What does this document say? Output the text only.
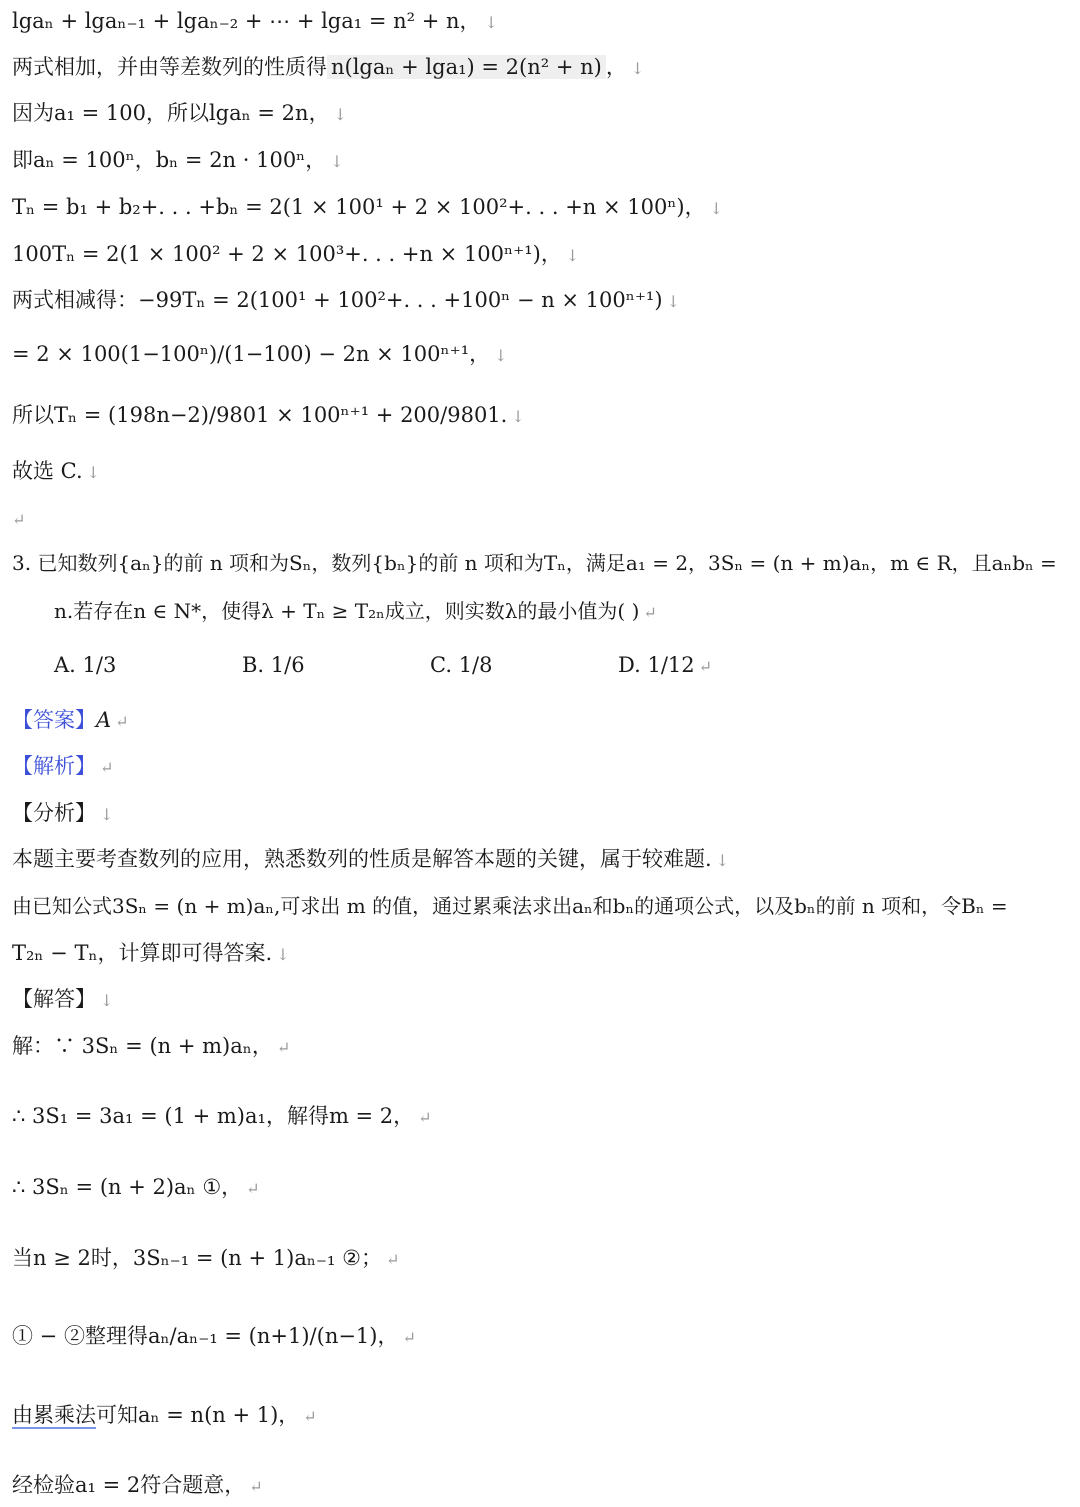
lgaₙ + lgaₙ₋₁ + lgaₙ₋₂ + ⋯ + lga₁ = n² + n， ↓
两式相加，并由等差数列的性质得 n(lgaₙ + lga₁) = 2(n² + n) ， ↓
因为a₁ = 100，所以lgaₙ = 2n， ↓
即aₙ = 100ⁿ，bₙ = 2n · 100ⁿ， ↓
Tₙ = b₁ + b₂+. . . +bₙ = 2(1 × 100¹ + 2 × 100²+. . . +n × 100ⁿ)， ↓
100Tₙ = 2(1 × 100² + 2 × 100³+. . . +n × 100ⁿ⁺¹)， ↓
两式相减得：−99Tₙ = 2(100¹ + 100²+. . . +100ⁿ − n × 100ⁿ⁺¹) ↓
= 2 × 100(1−100ⁿ)/(1−100) − 2n × 100ⁿ⁺¹， ↓
所以Tₙ = (198n−2)/9801 × 100ⁿ⁺¹ + 200/9801. ↓
故选 C. ↓
↵
3. 已知数列{aₙ}的前 n 项和为Sₙ，数列{bₙ}的前 n 项和为Tₙ，满足a₁ = 2，3Sₙ = (n + m)aₙ，m ∈ R，且aₙbₙ =
n.若存在n ∈ N*，使得λ + Tₙ ≥ T₂ₙ成立，则实数λ的最小值为( ) ↵
A. 1/3	B. 1/6	C. 1/8	D. 1/12 ↵
【答案】A ↵
【解析】 ↵
【分析】 ↓
本题主要考查数列的应用，熟悉数列的性质是解答本题的关键，属于较难题. ↓
由已知公式3Sₙ = (n + m)aₙ,可求出 m 的值，通过累乘法求出aₙ和bₙ的通项公式，以及bₙ的前 n 项和，令Bₙ =
T₂ₙ − Tₙ，计算即可得答案. ↓
【解答】 ↓
解：∵ 3Sₙ = (n + m)aₙ， ↵
∴ 3S₁ = 3a₁ = (1 + m)a₁，解得m = 2， ↵
∴ 3Sₙ = (n + 2)aₙ ①， ↵
当n ≥ 2时，3Sₙ₋₁ = (n + 1)aₙ₋₁ ②； ↵
① − ②整理得aₙ/aₙ₋₁ = (n+1)/(n−1)， ↵
由累乘法可知aₙ = n(n + 1)， ↵
经检验a₁ = 2符合题意， ↵
